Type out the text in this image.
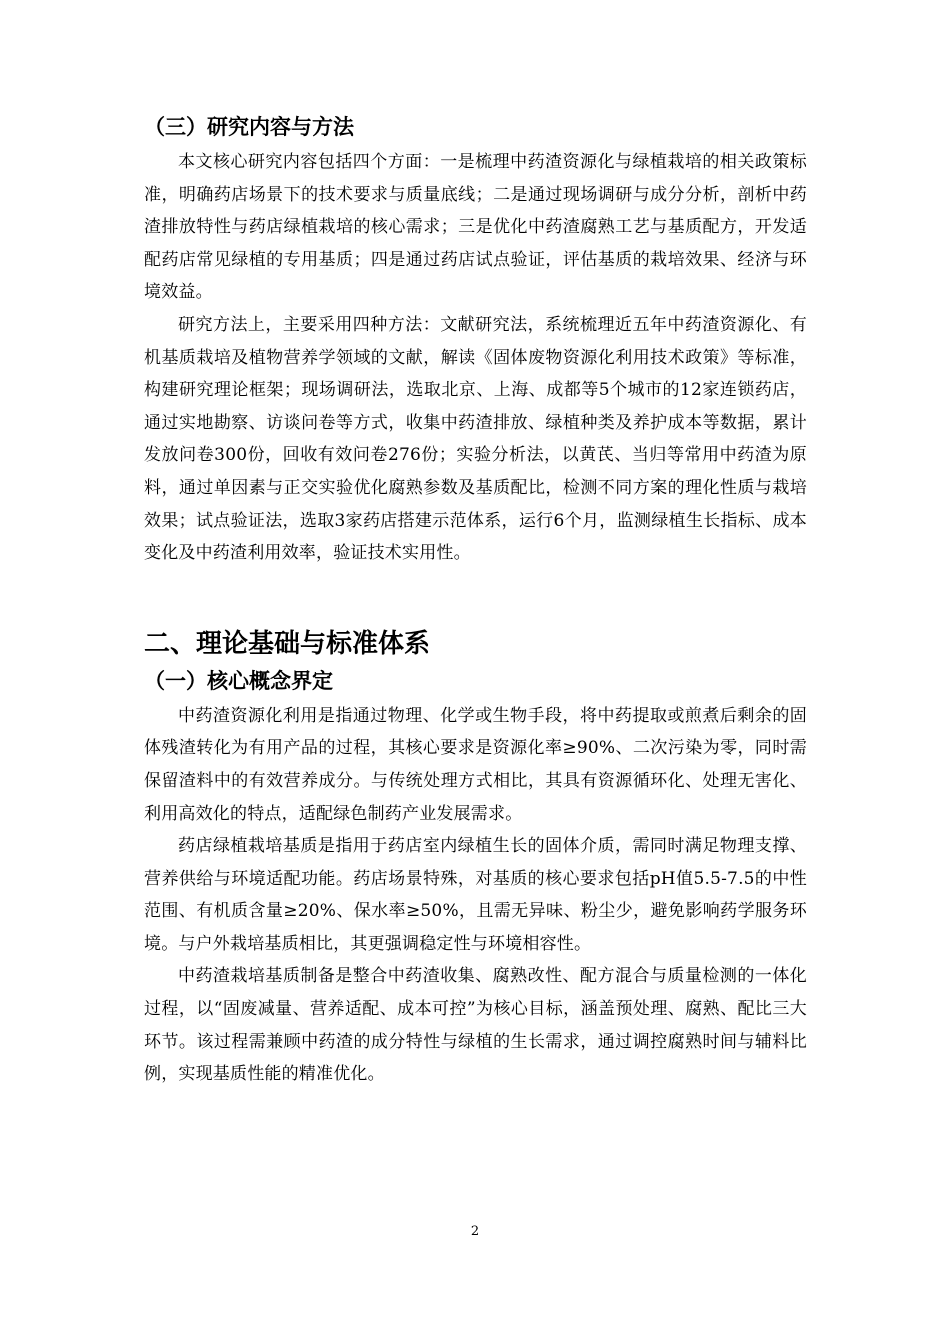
（三）研究内容与方法

本文核心研究内容包括四个方面：一是梳理中药渣资源化与绿植栽培的相关政策标准，明确药店场景下的技术要求与质量底线；二是通过现场调研与成分分析，剖析中药渣排放特性与药店绿植栽培的核心需求；三是优化中药渣腐熟工艺与基质配方，开发适配药店常见绿植的专用基质；四是通过药店试点验证，评估基质的栽培效果、经济与环境效益。

研究方法上，主要采用四种方法：文献研究法，系统梳理近五年中药渣资源化、有机基质栽培及植物营养学领域的文献，解读《固体废物资源化利用技术政策》等标准，构建研究理论框架；现场调研法，选取北京、上海、成都等5个城市的12家连锁药店，通过实地勘察、访谈问卷等方式，收集中药渣排放、绿植种类及养护成本等数据，累计发放问卷300份，回收有效问卷276份；实验分析法，以黄芪、当归等常用中药渣为原料，通过单因素与正交实验优化腐熟参数及基质配比，检测不同方案的理化性质与栽培效果；试点验证法，选取3家药店搭建示范体系，运行6个月，监测绿植生长指标、成本变化及中药渣利用效率，验证技术实用性。

二、理论基础与标准体系
（一）核心概念界定

中药渣资源化利用是指通过物理、化学或生物手段，将中药提取或煎煮后剩余的固体残渣转化为有用产品的过程，其核心要求是资源化率≥90%、二次污染为零，同时需保留渣料中的有效营养成分。与传统处理方式相比，其具有资源循环化、处理无害化、利用高效化的特点，适配绿色制药产业发展需求。

药店绿植栽培基质是指用于药店室内绿植生长的固体介质，需同时满足物理支撑、营养供给与环境适配功能。药店场景特殊，对基质的核心要求包括pH值5.5-7.5的中性范围、有机质含量≥20%、保水率≥50%，且需无异味、粉尘少，避免影响药学服务环境。与户外栽培基质相比，其更强调稳定性与环境相容性。

中药渣栽培基质制备是整合中药渣收集、腐熟改性、配方混合与质量检测的一体化过程，以“固废减量、营养适配、成本可控”为核心目标，涵盖预处理、腐熟、配比三大环节。该过程需兼顾中药渣的成分特性与绿植的生长需求，通过调控腐熟时间与辅料比例，实现基质性能的精准优化。

2
